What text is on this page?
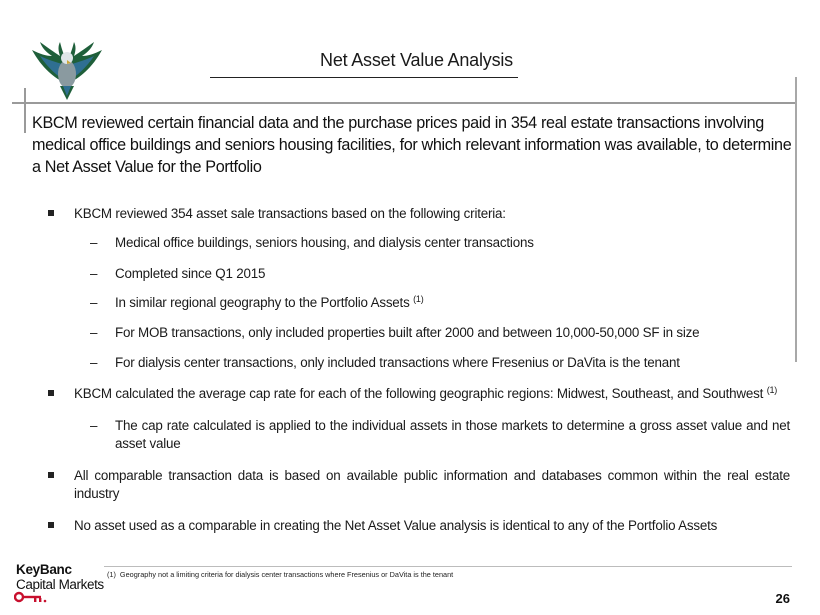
Net Asset Value Analysis
KBCM reviewed certain financial data and the purchase prices paid in 354 real estate transactions involving medical office buildings and seniors housing facilities, for which relevant information was available, to determine a Net Asset Value for the Portfolio
KBCM reviewed 354 asset sale transactions based on the following criteria:
– Medical office buildings, seniors housing, and dialysis center transactions
– Completed since Q1 2015
– In similar regional geography to the Portfolio Assets $^{(1)}$
– For MOB transactions, only included properties built after 2000 and between 10,000-50,000 SF in size
– For dialysis center transactions, only included transactions where Fresenius or DaVita is the tenant
KBCM calculated the average cap rate for each of the following geographic regions: Midwest, Southeast, and Southwest $^{(1)}$
– The cap rate calculated is applied to the individual assets in those markets to determine a gross asset value and net asset value
All comparable transaction data is based on available public information and databases common within the real estate industry
No asset used as a comparable in creating the Net Asset Value analysis is identical to any of the Portfolio Assets
(1) Geography not a limiting criteria for dialysis center transactions where Fresenius or DaVita is the tenant
KeyBanc
Capital Markets
26
